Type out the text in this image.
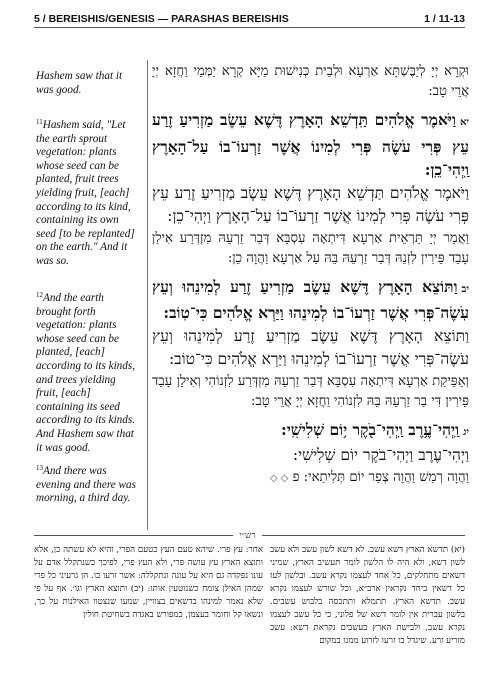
5 / BEREISHIS/GENESIS — PARASHAS BEREISHIS	1 / 11-13
Hashem saw that it was good.
$^{11}$Hashem said, "Let the earth sprout vegetation: plants whose seed can be planted, fruit trees yielding fruit, [each] according to its kind, containing its own seed [to be replanted] on the earth." And it was so.
$^{12}$And the earth brought forth vegetation: plants whose seed can be planted, [each] according to its kinds, and trees yielding fruit, [each] containing its seed according to its kinds. And Hashem saw that it was good.
$^{13}$And there was evening and there was morning, a third day.
וּקְרָא יְיָ לְיַבֶּשְׁתָּא אַרְעָא וּלְבֵית כְּנִישׁוּת מַיָּא קְרָא יַמְּמֵי וַחֲזָא יְיָ אֲרֵי טָב:
יאוַיֹּאמֶר אֱלֹהִים תַּֽדְשֵׁא הָאָרֶץ דֶּשֶׁא עֵשֶׂב מַזְרִיעַ זֶרַע עֵץ פְּרִי עֹשֶׂה פְּרִי לְמִינוֹ אֲשֶׁר זַרְעוֹ־בוֹ עַל־הָאָרֶץ וַֽיְהִי־כֵֽן:
וַיֹּאמֶר אֱלֹהִים תַּדְשֵׁא הָאָרֶץ דֶּשֶׁא עֵשֶׂב מַזְרִיעַ זֶרַע עֵץ פְּרִי עֹשֶׂה פְּרִי לְמִינוֹ אֲשֶׁר זַרְעוֹ־בוֹ עַל־הָאָרֶץ וַיְהִי־כֵן:
וַאֲמַר יְיָ תַּרְאֵית אַרְעָא דִּיתְאָה עִסְבָּא דְּבַר זַרְעֵהּ מִזְדְּרַע אִילַן עָבֵד פֵּירִין לִזְנֵהּ דְּבַר זַרְעֵהּ בֵּהּ עַל אַרְעָא וַהֲוָה כֵן:
יבוַתּוֹצֵא הָאָרֶץ דֶּשֶׁא עֵשֶׂב מַזְרִיעַ זֶרַע לְמִינֵהוּ וְעֵץ עֹֽשֶׂה־פְּרִי אֲשֶׁר זַרְעוֹ־בוֹ לְמִינֵהוּ וַיַּרְא אֱלֹהִים כִּי־טֽוֹב:
וַתּוֹצֵא הָאָרֶץ דֶּשֶׁא עֵשֶׂב מַזְרִיעַ זֶרַע לְמִינֵהוּ וְעֵץ עֹשֶׂה־פְּרִי אֲשֶׁר זַרְעוֹ־בוֹ לְמִינֵהוּ וַיַּרְא אֱלֹהִים כִּי־טוֹב:
וְאַפֵּיקַת אַרְעָא דִּיתְאָה עִסְבָּא דְּבַר זַרְעֵהּ מִזְדְּרַע לִזְנוֹהִי וְאִילָן עָבֵד פֵּירִין דִּי בַר זַרְעֵהּ בֵּהּ לִזְנוֹהִי וַחֲזָא יְיָ אֲרֵי טָב:
יגוַֽיְהִי־עֶ֥רֶב וַֽיְהִי־בֹ֖קֶר י֥וֹם שְׁלִישִֽׁי:
וַיְהִי־עֶרֶב וַיְהִי־בֹקֶר יוֹם שְׁלִישִׁי:
וַהֲוָה רְמַשׁ וַהֲוָה צְפַר יוֹם תְּלִיתַאי: פ ◇ ◇
רש״י
(יא) תדשא הארץ דשא עשב. לא דשא לשון עשב ולא עשב לשון דשא, ולא היה לו הלשון לומר תעשיב הארץ, שמיני דשאים מתחלקים, כל אחד לעצמו נקרא עשב. ובלשון לעז כל דשאין ביחד נקראין ארב״א, וכל שורש לעצמו נקרא עשב. תדשא הארץ. תתמלא ותתכסה בלבוש עשבים. בלשון עברית אין לומר דשא של פלוני, כי כל עשב לעצמו נקרא עשב, ולבישת הארץ בעשבים נקראת דשא: עשב מזריע זרע. שיגדל בו זרעו לזרוע ממנו במקום
אחר: עץ פרי. שיהא טעם העץ כטעם הפרי, והיא לא עשתה כן, אלא ותוצא הארץ עץ עושה פרי, ולא העץ פרי, לפיכך כשנתקלל אדם על עונו נפקדה גם היא על עונה ונתקללה: אשר זרעו בו. הן גרעיני כל פרי שמהן האילן צומח כשנוטעין אותו: (יב) ותוצא הארץ וגו׳. אף על פי שלא נאמר למינהו בדשאים בצוויין, שמעו שנצטוו האילנות על כך, ונשאו קל וחומר בעצמן, כמפורש באגדה בשחיטת חולין
